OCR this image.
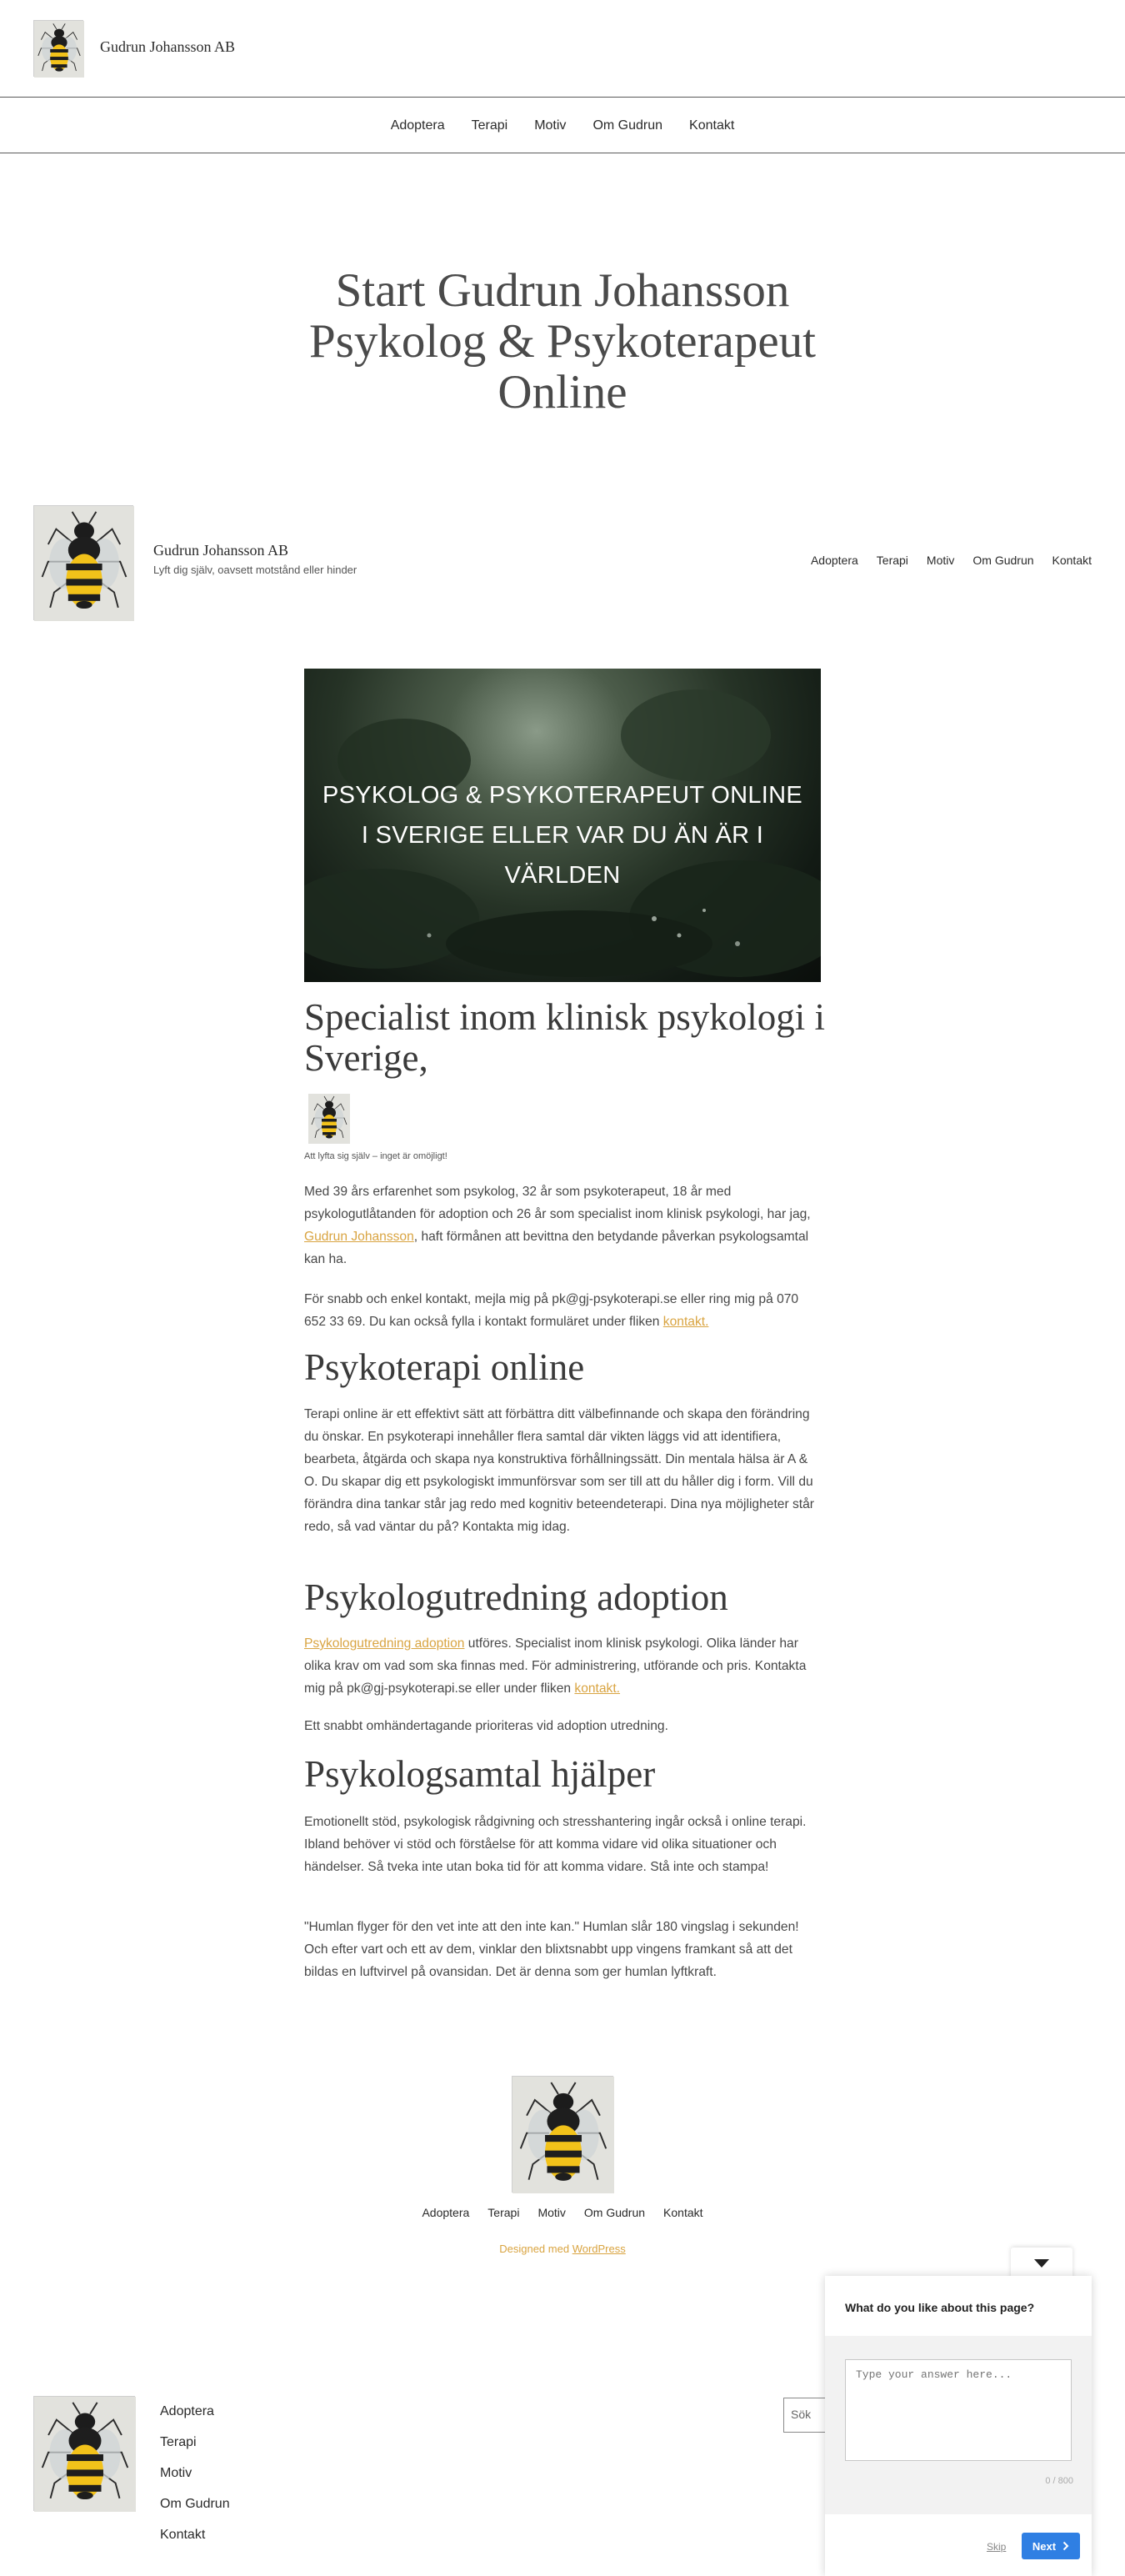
Gudrun Johansson AB
Adoptera Terapi Motiv Om Gudrun Kontakt
Start Gudrun Johansson Psykolog & Psykoterapeut Online
Gudrun Johansson AB
Lyft dig själv, oavsett motstånd eller hinder
Adoptera Terapi Motiv Om Gudrun Kontakt
PSYKOLOG & PSYKOTERAPEUT ONLINE I SVERIGE ELLER VAR DU ÄN ÄR I VÄRLDEN
Specialist inom klinisk psykologi i Sverige,
Att lyfta sig själv – inget är omöjligt!

Med 39 års erfarenhet som psykolog, 32 år som psykoterapeut, 18 år med psykologutlåtanden för adoption och 26 år som specialist inom klinisk psykologi, har jag, Gudrun Johansson, haft förmånen att bevittna den betydande påverkan psykologsamtal kan ha.

För snabb och enkel kontakt, mejla mig på pk@gj-psykoterapi.se eller ring mig på 070 652 33 69. Du kan också fylla i kontakt formuläret under fliken kontakt.

Psykoterapi online

Terapi online är ett effektivt sätt att förbättra ditt välbefinnande och skapa den förändring du önskar. En psykoterapi innehåller flera samtal där vikten läggs vid att identifiera, bearbeta, åtgärda och skapa nya konstruktiva förhållningssätt. Din mentala hälsa är A & O. Du skapar dig ett psykologiskt immunförsvar som ser till att du håller dig i form. Vill du förändra dina tankar står jag redo med kognitiv beteendeterapi. Dina nya möjligheter står redo, så vad väntar du på? Kontakta mig idag.

Psykologutredning adoption

Psykologutredning adoption utföres. Specialist inom klinisk psykologi. Olika länder har olika krav om vad som ska finnas med. För administrering, utförande och pris. Kontakta mig på pk@gj-psykoterapi.se eller under fliken kontakt.

Ett snabbt omhändertagande prioriteras vid adoption utredning.

Psykologsamtal hjälper

Emotionellt stöd, psykologisk rådgivning och stresshantering ingår också i online terapi. Ibland behöver vi stöd och förståelse för att komma vidare vid olika situationer och händelser. Så tveka inte utan boka tid för att komma vidare. Stå inte och stampa!

"Humlan flyger för den vet inte att den inte kan." Humlan slår 180 vingslag i sekunden! Och efter vart och ett av dem, vinklar den blixtsnabbt upp vingens framkant så att det bildas en luftvirvel på ovansidan. Det är denna som ger humlan lyftkraft.

Adoptera Terapi Motiv Om Gudrun Kontakt
Designed med WordPress
Adoptera
Terapi
Motiv
Om Gudrun
Kontakt
Sök
What do you like about this page?
Type your answer here...
0 / 800
Skip Next
